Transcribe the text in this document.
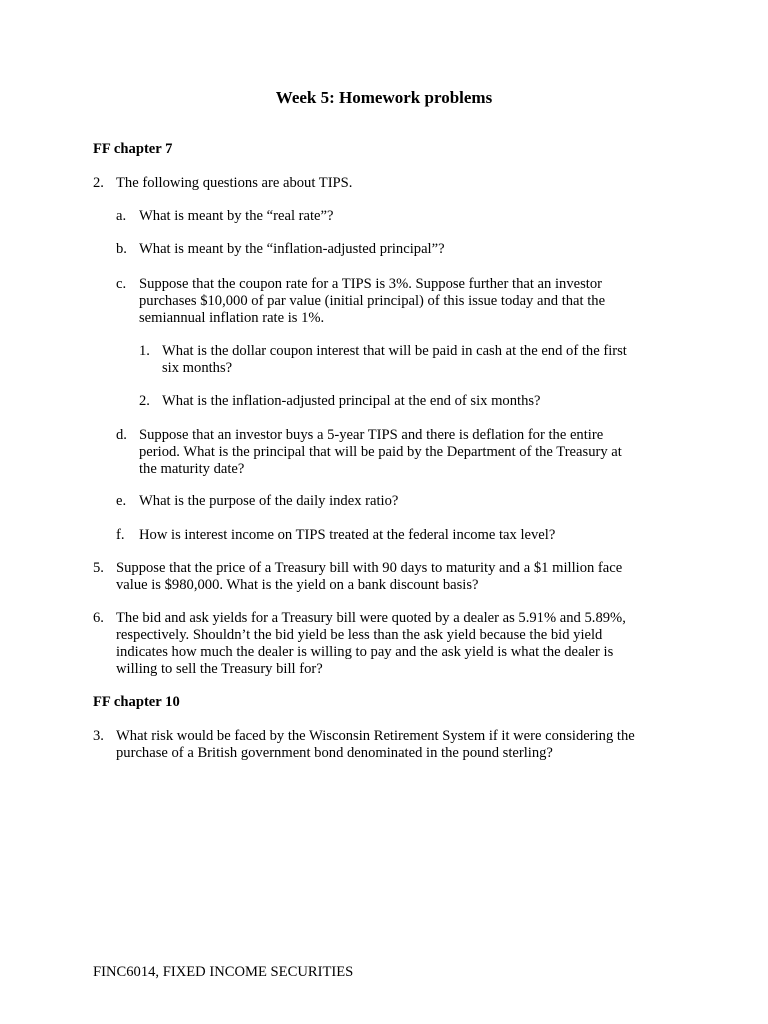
Week 5: Homework problems
FF chapter 7
2. The following questions are about TIPS.
a. What is meant by the “real rate”?
b. What is meant by the “inflation-adjusted principal”?
c. Suppose that the coupon rate for a TIPS is 3%. Suppose further that an investor
purchases $10,000 of par value (initial principal) of this issue today and that the
semiannual inflation rate is 1%.
1. What is the dollar coupon interest that will be paid in cash at the end of the first
six months?
2. What is the inflation-adjusted principal at the end of six months?
d. Suppose that an investor buys a 5-year TIPS and there is deflation for the entire
period. What is the principal that will be paid by the Department of the Treasury at
the maturity date?
e. What is the purpose of the daily index ratio?
f. How is interest income on TIPS treated at the federal income tax level?
5. Suppose that the price of a Treasury bill with 90 days to maturity and a $1 million face
value is $980,000. What is the yield on a bank discount basis?
6. The bid and ask yields for a Treasury bill were quoted by a dealer as 5.91% and 5.89%,
respectively. Shouldn’t the bid yield be less than the ask yield because the bid yield
indicates how much the dealer is willing to pay and the ask yield is what the dealer is
willing to sell the Treasury bill for?
FF chapter 10
3. What risk would be faced by the Wisconsin Retirement System if it were considering the
purchase of a British government bond denominated in the pound sterling?
FINC6014, FIXED INCOME SECURITIES
